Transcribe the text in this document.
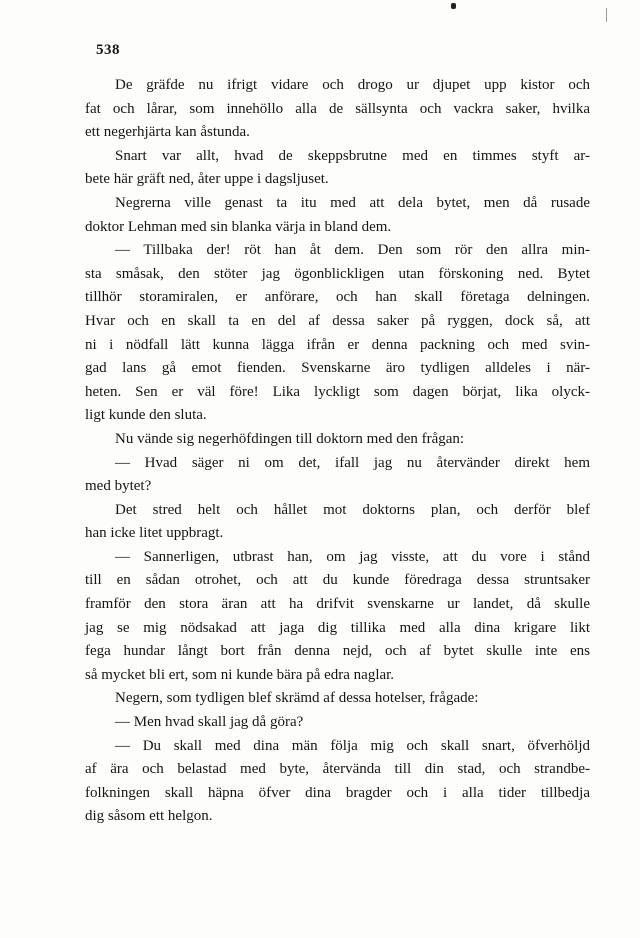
538
De gräfde nu ifrigt vidare och drogo ur djupet upp kistor och
fat och lårar, som innehöllo alla de sällsynta och vackra saker, hvilka
ett negerhjärta kan åstunda.
Snart var allt, hvad de skeppsbrutne med en timmes styft ar-
bete här gräft ned, åter uppe i dagsljuset.
Negrerna ville genast ta itu med att dela bytet, men då rusade
doktor Lehman med sin blanka värja in bland dem.
— Tillbaka der! röt han åt dem. Den som rör den allra min-
sta småsak, den stöter jag ögonblickligen utan förskoning ned. Bytet
tillhör storamiralen, er anförare, och han skall företaga delningen.
Hvar och en skall ta en del af dessa saker på ryggen, dock så, att
ni i nödfall lätt kunna lägga ifrån er denna packning och med svin-
gad lans gå emot fienden. Svenskarne äro tydligen alldeles i när-
heten. Sen er väl före! Lika lyckligt som dagen börjat, lika olyck-
ligt kunde den sluta.
Nu vände sig negerhöfdingen till doktorn med den frågan:
— Hvad säger ni om det, ifall jag nu återvänder direkt hem
med bytet?
Det stred helt och hållet mot doktorns plan, och derför blef
han icke litet uppbragt.
— Sannerligen, utbrast han, om jag visste, att du vore i stånd
till en sådan otrohet, och att du kunde föredraga dessa struntsaker
framför den stora äran att ha drifvit svenskarne ur landet, då skulle
jag se mig nödsakad att jaga dig tillika med alla dina krigare likt
fega hundar långt bort från denna nejd, och af bytet skulle inte ens
så mycket bli ert, som ni kunde bära på edra naglar.
Negern, som tydligen blef skrämd af dessa hotelser, frågade:
— Men hvad skall jag då göra?
— Du skall med dina män följa mig och skall snart, öfverhöljd
af ära och belastad med byte, återvända till din stad, och strandbe-
folkningen skall häpna öfver dina bragder och i alla tider tillbedja
dig såsom ett helgon.
